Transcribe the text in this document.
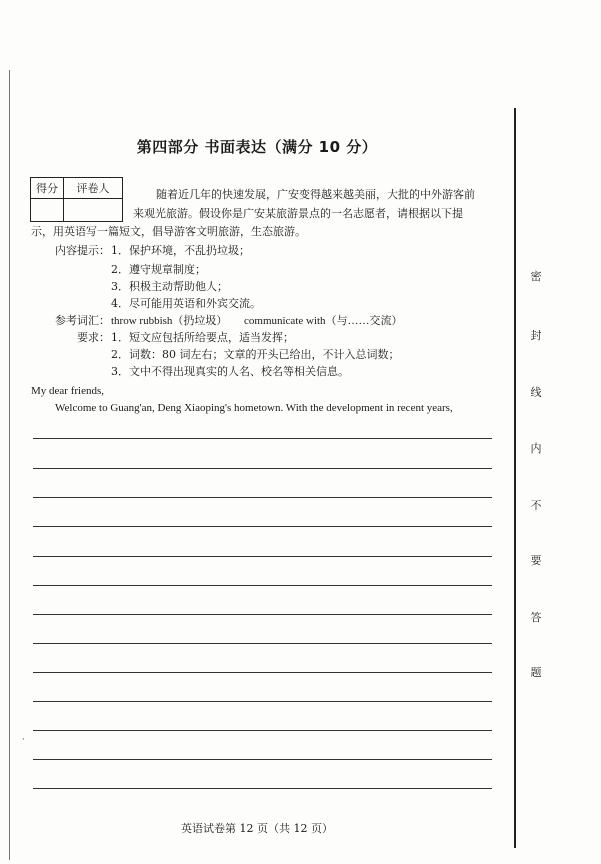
密
封
线
内
不
要
答
题
第四部分 书面表达（满分 10 分）
得分	评卷人
		随着近几年的快速发展，广安变得越来越美丽，大批的中外游客前
来观光旅游。假设你是广安某旅游景点的一名志愿者，请根据以下提
示，用英语写一篇短文，倡导游客文明旅游，生态旅游。
内容提示： 1．保护环境，不乱扔垃圾；
2．遵守规章制度；
3．积极主动帮助他人；
4．尽可能用英语和外宾交流。
参考词汇： throw rubbish（扔垃圾） communicate with（与……交流）
要求： 1．短文应包括所给要点，适当发挥；
2．词数：80 词左右；文章的开头已给出，不计入总词数；
3．文中不得出现真实的人名、校名等相关信息。
My dear friends,
Welcome to Guang'an, Deng Xiaoping's hometown. With the development in recent years,
·
英语试卷第 12 页（共 12 页）
